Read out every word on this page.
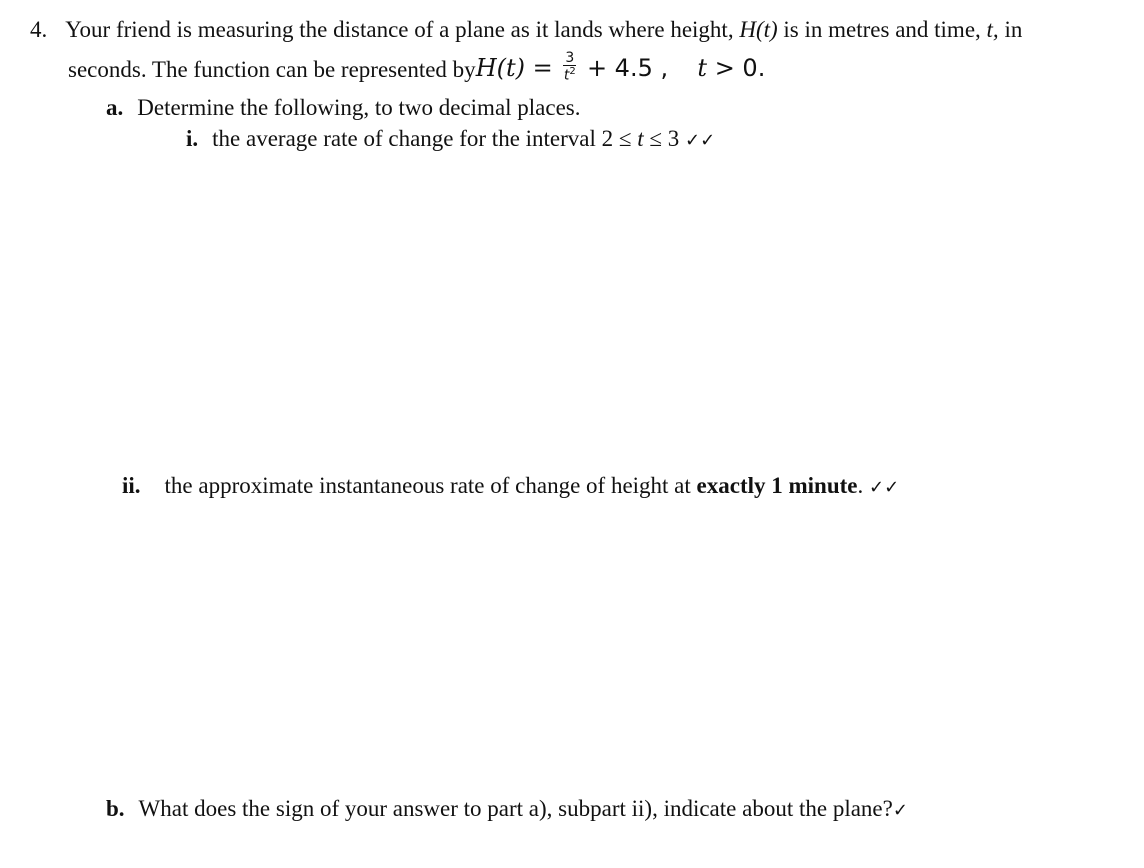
4. Your friend is measuring the distance of a plane as it lands where height, H(t) is in metres and time, t, in
seconds. The function can be represented by $H(t) = \frac{3}{t^2} + 4.5$ , t > 0.
a. Determine the following, to two decimal places.
i. the average rate of change for the interval 2 ≤ t ≤ 3 ✓✓
ii. the approximate instantaneous rate of change of height at exactly 1 minute. ✓✓
b. What does the sign of your answer to part a), subpart ii), indicate about the plane?✓
